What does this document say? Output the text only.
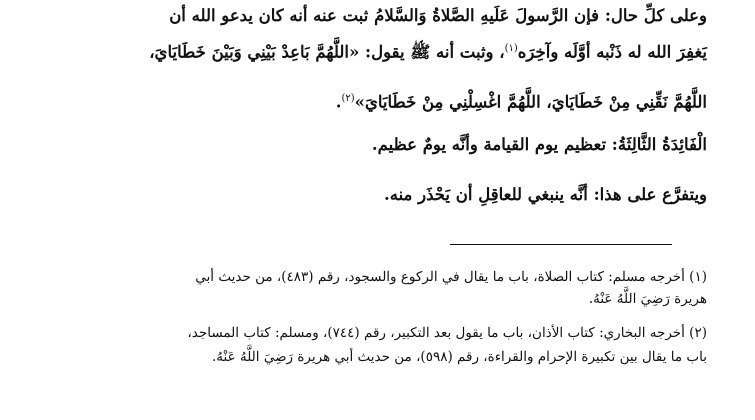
وعلى كلِّ حال: فإن الرَّسولَ عَلَيهِ الصَّلاةُ وَالسَّلامُ ثبت عنه أنه كان يدعو الله أن
يَغفِرَ الله له ذَنْبه أوَّلَه وآخِرَه$^{(١)}$، وثبت أنه ﷺ يقول: «اللَّهُمَّ بَاعِدْ بَيْنِي وَبَيْنَ خَطَايَايَ،
اللَّهُمَّ نَقِّنِي مِنْ خَطَايَايَ، اللَّهُمَّ اغْسِلْنِي مِنْ خَطَايَايَ»$^{(٢)}$.
الْفَائِدَةُ الثَّالِثَةُ: تعظيم يوم القيامة وأنَّه يومٌ عظيم.
ويتفرَّع على هذا: أنَّه ينبغي للعاقِلِ أن يَحْذَر منه.
(١) أخرجه مسلم: كتاب الصلاة، باب ما يقال في الركوع والسجود، رقم (٤٨٣)، من حديث أبي
هريرة رَضِيَ اللَّهُ عَنْهُ.
(٢) أخرجه البخاري: كتاب الأذان، باب ما يقول بعد التكبير، رقم (٧٤٤)، ومسلم: كتاب المساجد،
باب ما يقال بين تكبيرة الإحرام والقراءة، رقم (٥٩٨)، من حديث أبي هريرة رَضِيَ اللَّهُ عَنْهُ.
